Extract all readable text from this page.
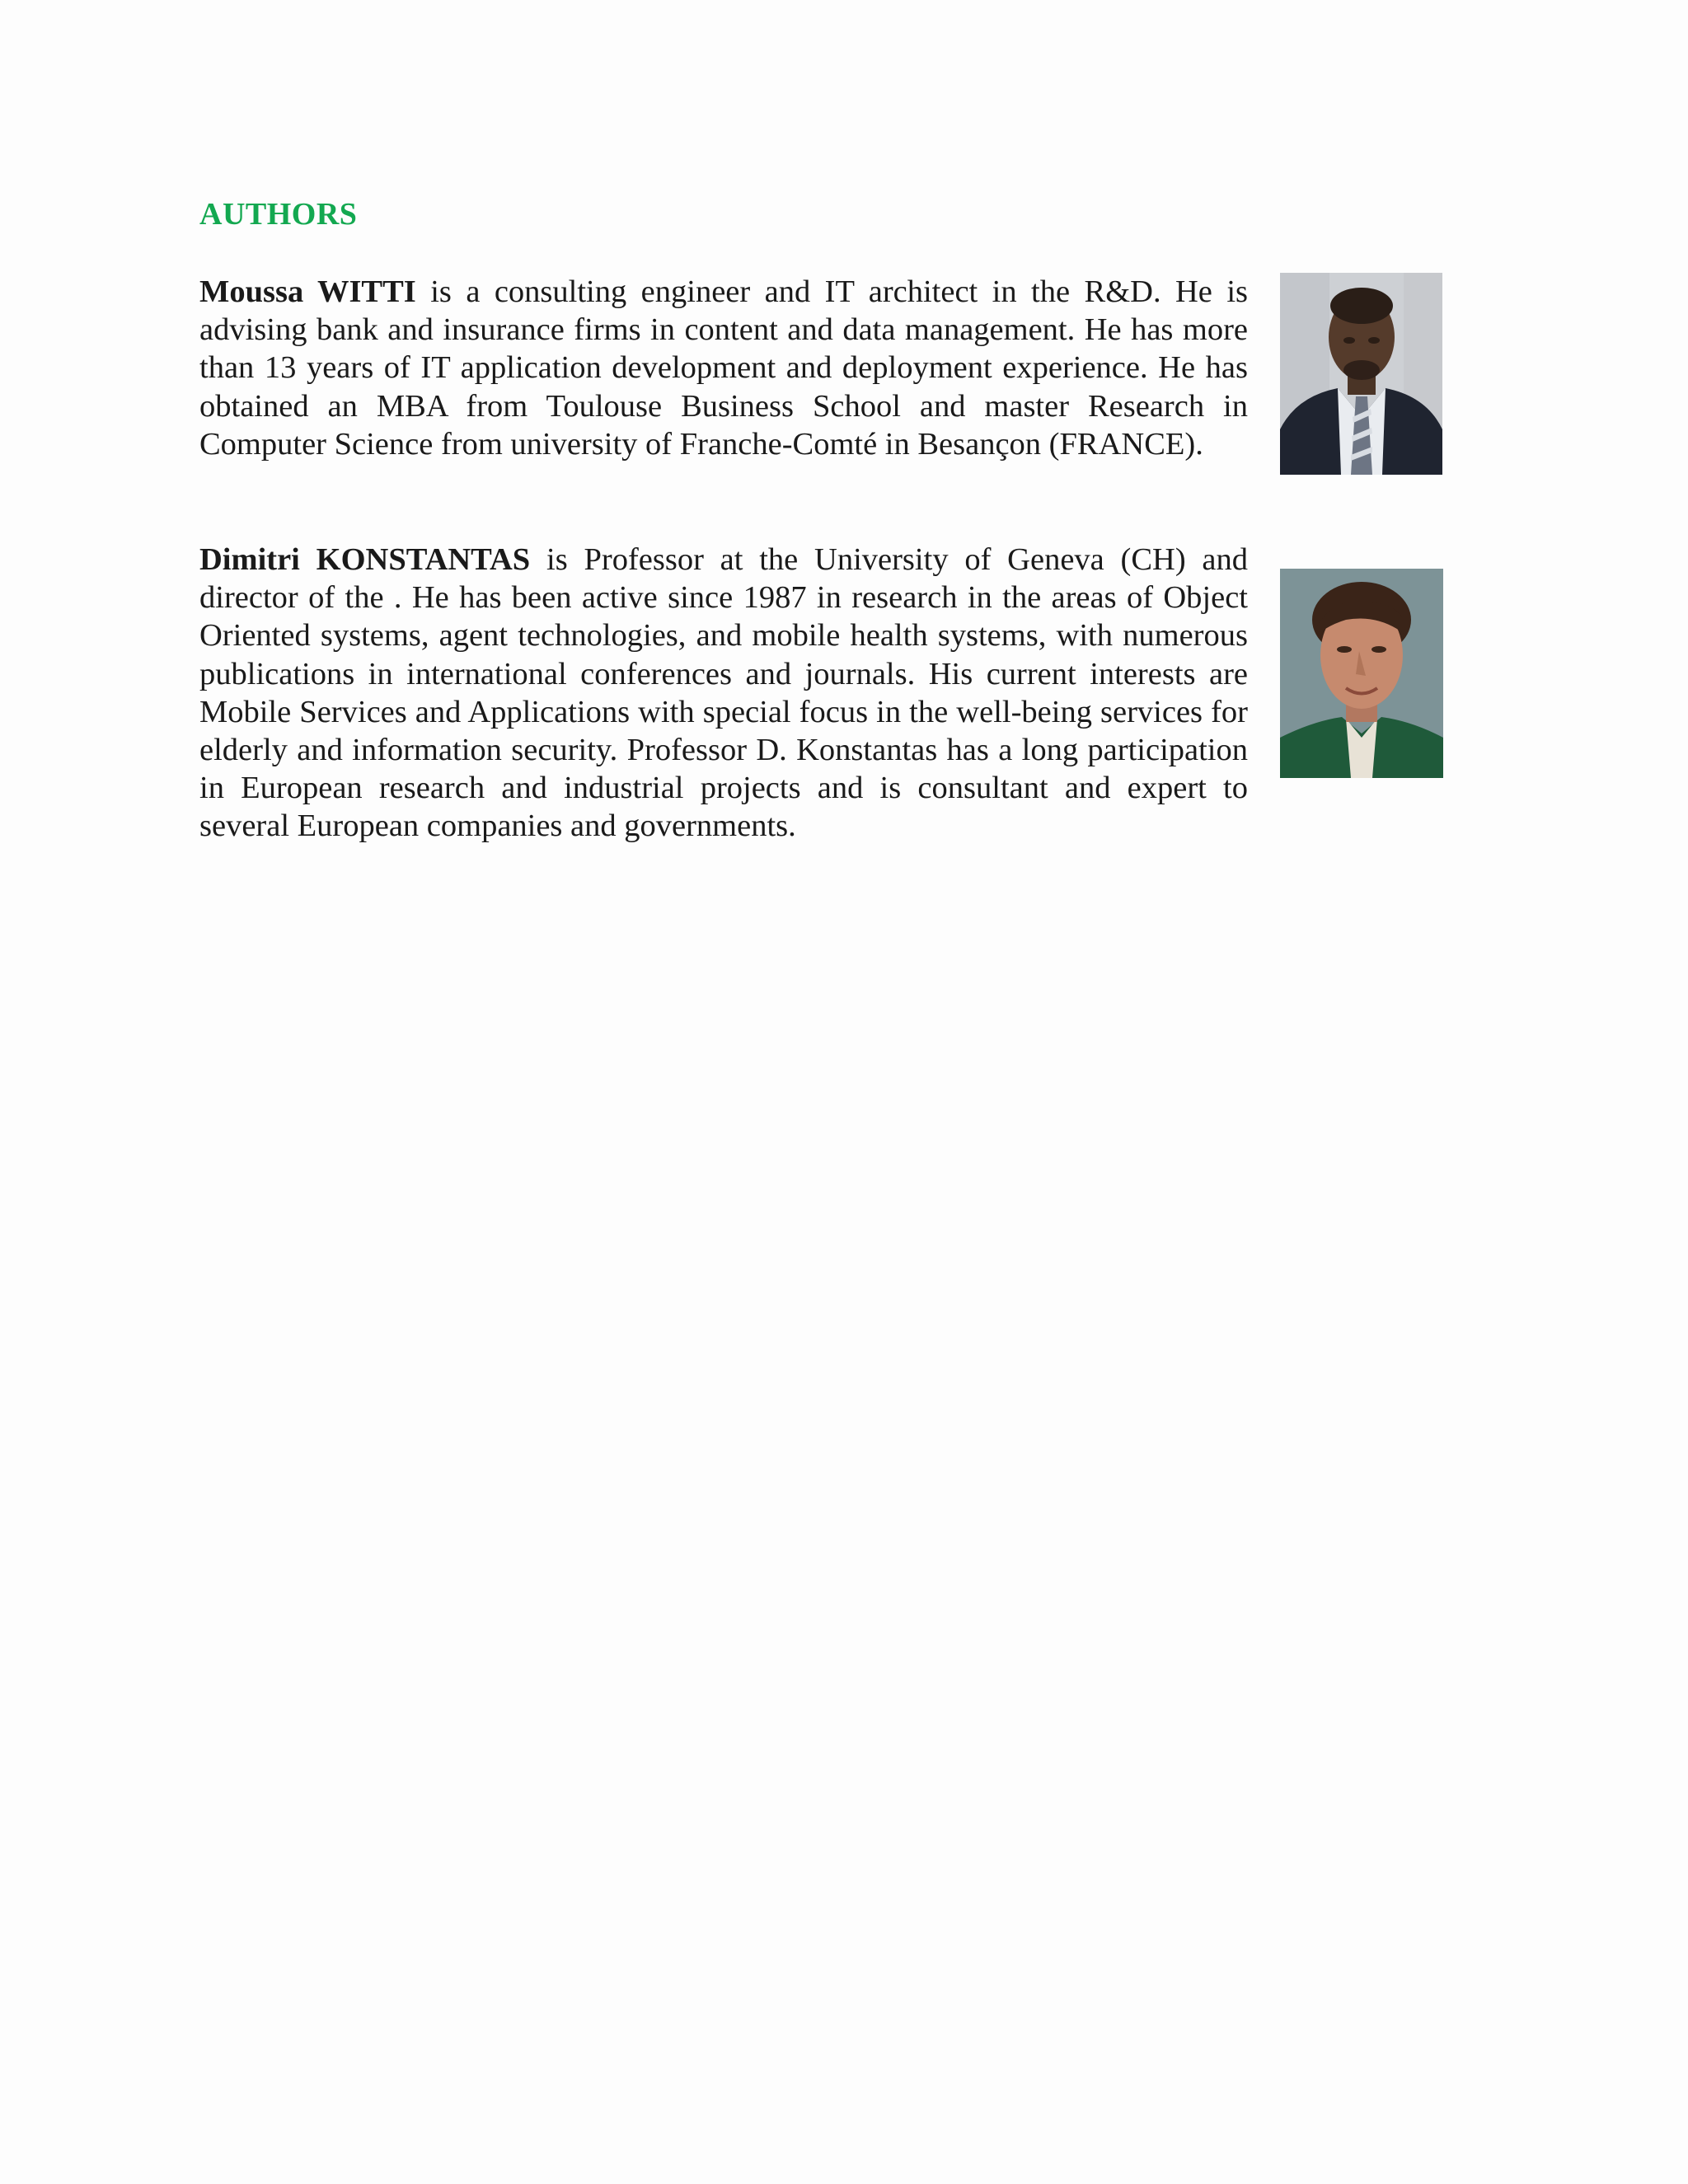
AUTHORS

Moussa WITTI is a consulting engineer and IT architect in the R&D. He is advising bank and insurance firms in content and data management. He has more than 13 years of IT application development and deployment experience. He has obtained an MBA from Toulouse Business School and master Research in Computer Science from university of Franche-Comté in Besançon (FRANCE).

Dimitri KONSTANTAS is Professor at the University of Geneva (CH) and director of the . He has been active since 1987 in research in the areas of Object Oriented systems, agent technologies, and mobile health systems, with numerous publications in international conferences and journals. His current interests are Mobile Services and Applications with special focus in the well-being services for elderly and information security. Professor D. Konstantas has a long participation in European research and industrial projects and is consultant and expert to several European companies and governments.
